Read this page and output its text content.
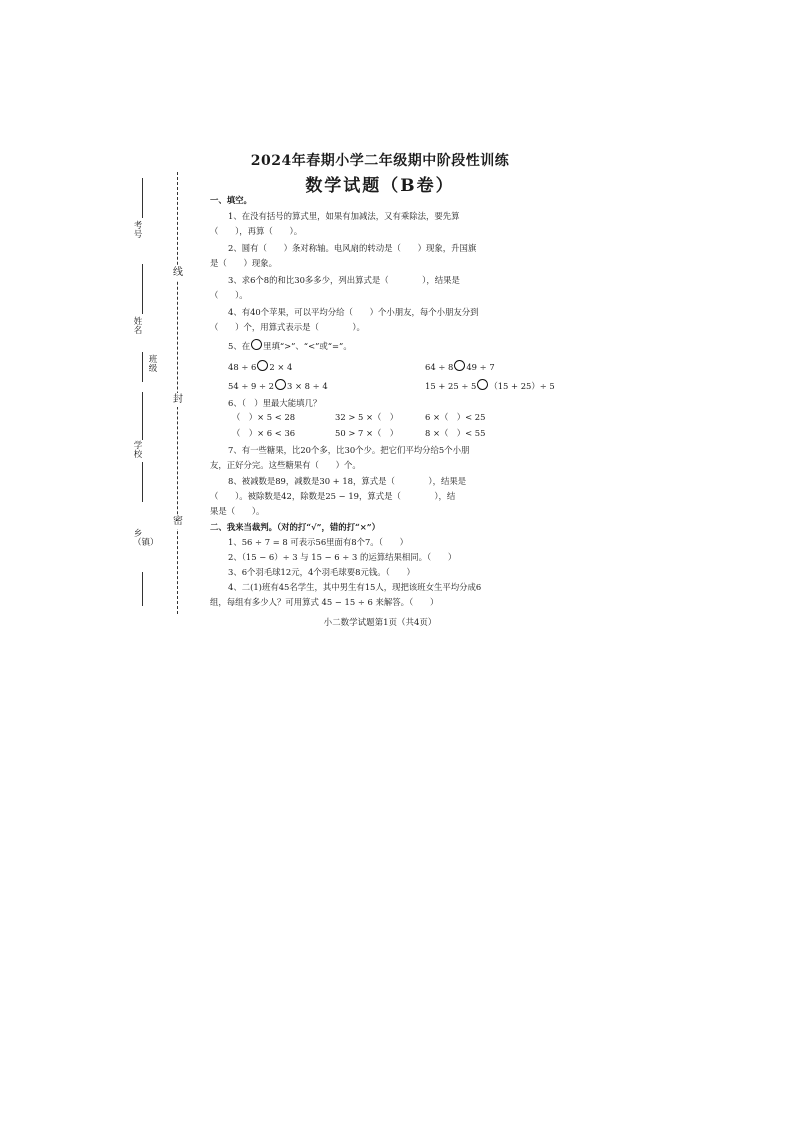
线
封
密
考号
姓名
班级
学校
乡（镇）
2024年春期小学二年级期中阶段性训练
数学试题（B卷）
一、填空。
1、在没有括号的算式里，如果有加减法，又有乘除法，要先算
（　　），再算（　　）。
2、圆有（　　）条对称轴。电风扇的转动是（　　）现象，升国旗
是（　　）现象。
3、求6个8的和比30多多少，列出算式是（　　　　），结果是
（　　）。
4、有40个苹果，可以平均分给（　　）个小朋友，每个小朋友分到
（　　）个，用算式表示是（　　　　）。
5、在 里填“>”、“<”或“=”。
48 ÷ 6 2 × 4	64 ÷ 8 49 ÷ 7
54 ÷ 9 ÷ 2 3 × 8 ÷ 4	15 + 25 ÷ 5 （15 + 25）÷ 5
6、（　）里最大能填几？
（　）× 5 < 28	32 > 5 ×（　）	6 ×（　）< 25
（　）× 6 < 36	50 > 7 ×（　）	8 ×（　）< 55
7、有一些糖果，比20个多，比30个少。把它们平均分给5个小朋
友，正好分完。这些糖果有（　　）个。
8、被减数是89，减数是30 + 18，算式是（　　　　），结果是
（　　）。被除数是42，除数是25 − 19，算式是（　　　　），结
果是（　　）。
二、我来当裁判。（对的打“√”，错的打“×”）
1、56 ÷ 7 = 8 可表示56里面有8个7。（　　）
2、（15 − 6）÷ 3 与 15 − 6 ÷ 3 的运算结果相同。（　　）
3、6个羽毛球12元，4个羽毛球要8元钱。（　　）
4、二(1)班有45名学生，其中男生有15人，现把该班女生平均分成6
组，每组有多少人？可用算式 45 − 15 ÷ 6 来解答。（　　）
小二数学试题第1页（共4页）
